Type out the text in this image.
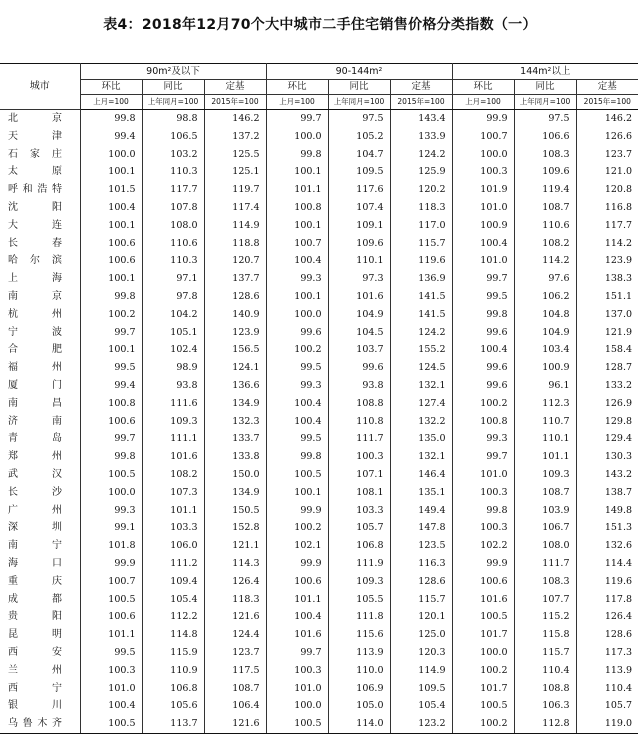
表4：2018年12月70个大中城市二手住宅销售价格分类指数（一）
城市	90m²及以下			90-144m²			144m²以上		
	环比	同比	定基	环比	同比	定基	环比	同比	定基
	上月=100	上年同月=100	2015年=100	上月=100	上年同月=100	2015年=100	上月=100	上年同月=100	2015年=100
北京	99.8	98.8	146.2	99.7	97.5	143.4	99.9	97.5	146.2
天津	99.4	106.5	137.2	100.0	105.2	133.9	100.7	106.6	126.6
石家庄	100.0	103.2	125.5	99.8	104.7	124.2	100.0	108.3	123.7
太原	100.1	110.3	125.1	100.1	109.5	125.9	100.3	109.6	121.0
呼和浩特	101.5	117.7	119.7	101.1	117.6	120.2	101.9	119.4	120.8
沈阳	100.4	107.8	117.4	100.8	107.4	118.3	101.0	108.7	116.8
大连	100.1	108.0	114.9	100.1	109.1	117.0	100.9	110.6	117.7
长春	100.6	110.6	118.8	100.7	109.6	115.7	100.4	108.2	114.2
哈尔滨	100.6	110.3	120.7	100.4	110.1	119.6	101.0	114.2	123.9
上海	100.1	97.1	137.7	99.3	97.3	136.9	99.7	97.6	138.3
南京	99.8	97.8	128.6	100.1	101.6	141.5	99.5	106.2	151.1
杭州	100.2	104.2	140.9	100.0	104.9	141.5	99.8	104.8	137.0
宁波	99.7	105.1	123.9	99.6	104.5	124.2	99.6	104.9	121.9
合肥	100.1	102.4	156.5	100.2	103.7	155.2	100.4	103.4	158.4
福州	99.5	98.9	124.1	99.5	99.6	124.5	99.6	100.9	128.7
厦门	99.4	93.8	136.6	99.3	93.8	132.1	99.6	96.1	133.2
南昌	100.8	111.6	134.9	100.4	108.8	127.4	100.2	112.3	126.9
济南	100.6	109.3	132.3	100.4	110.8	132.2	100.8	110.7	129.8
青岛	99.7	111.1	133.7	99.5	111.7	135.0	99.3	110.1	129.4
郑州	99.8	101.6	133.8	99.8	100.3	132.1	99.7	101.1	130.3
武汉	100.5	108.2	150.0	100.5	107.1	146.4	101.0	109.3	143.2
长沙	100.0	107.3	134.9	100.1	108.1	135.1	100.3	108.7	138.7
广州	99.3	101.1	150.5	99.9	103.3	149.4	99.8	103.9	149.8
深圳	99.1	103.3	152.8	100.2	105.7	147.8	100.3	106.7	151.3
南宁	101.8	106.0	121.1	102.1	106.8	123.5	102.2	108.0	132.6
海口	99.9	111.2	114.3	99.9	111.9	116.3	99.9	111.7	114.4
重庆	100.7	109.4	126.4	100.6	109.3	128.6	100.6	108.3	119.6
成都	100.5	105.4	118.3	101.1	105.5	115.7	101.6	107.7	117.8
贵阳	100.6	112.2	121.6	100.4	111.8	120.1	100.5	115.2	126.4
昆明	101.1	114.8	124.4	101.6	115.6	125.0	101.7	115.8	128.6
西安	99.5	115.9	123.7	99.7	113.9	120.3	100.0	115.7	117.3
兰州	100.3	110.9	117.5	100.3	110.0	114.9	100.2	110.4	113.9
西宁	101.0	106.8	108.7	101.0	106.9	109.5	101.7	108.8	110.4
银川	100.4	105.6	106.4	100.0	105.0	105.4	100.5	106.3	105.7
乌鲁木齐	100.5	113.7	121.6	100.5	114.0	123.2	100.2	112.8	119.0
